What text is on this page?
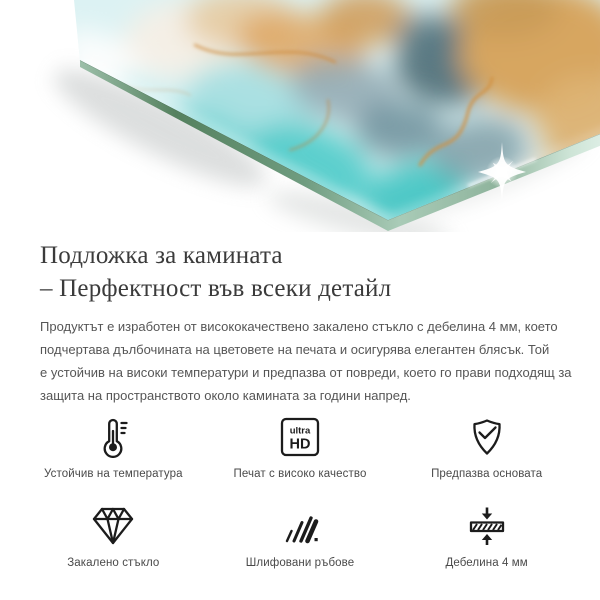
Подложка за камината
– Перфектност във всеки детайл
Продуктът е изработен от висококачествено закалено стъкло с дебелина 4 мм, което
подчертава дълбочината на цветовете на печата и осигурява елегантен блясък. Той
е устойчив на високи температури и предпазва от повреди, което го прави подходящ за
защита на пространството около камината за години напред.
Устойчив на температура
ultra
HD
Печат с високо качество	Предпазва основата
Закалено стъкло	Шлифовани ръбове	Дебелина 4 мм
